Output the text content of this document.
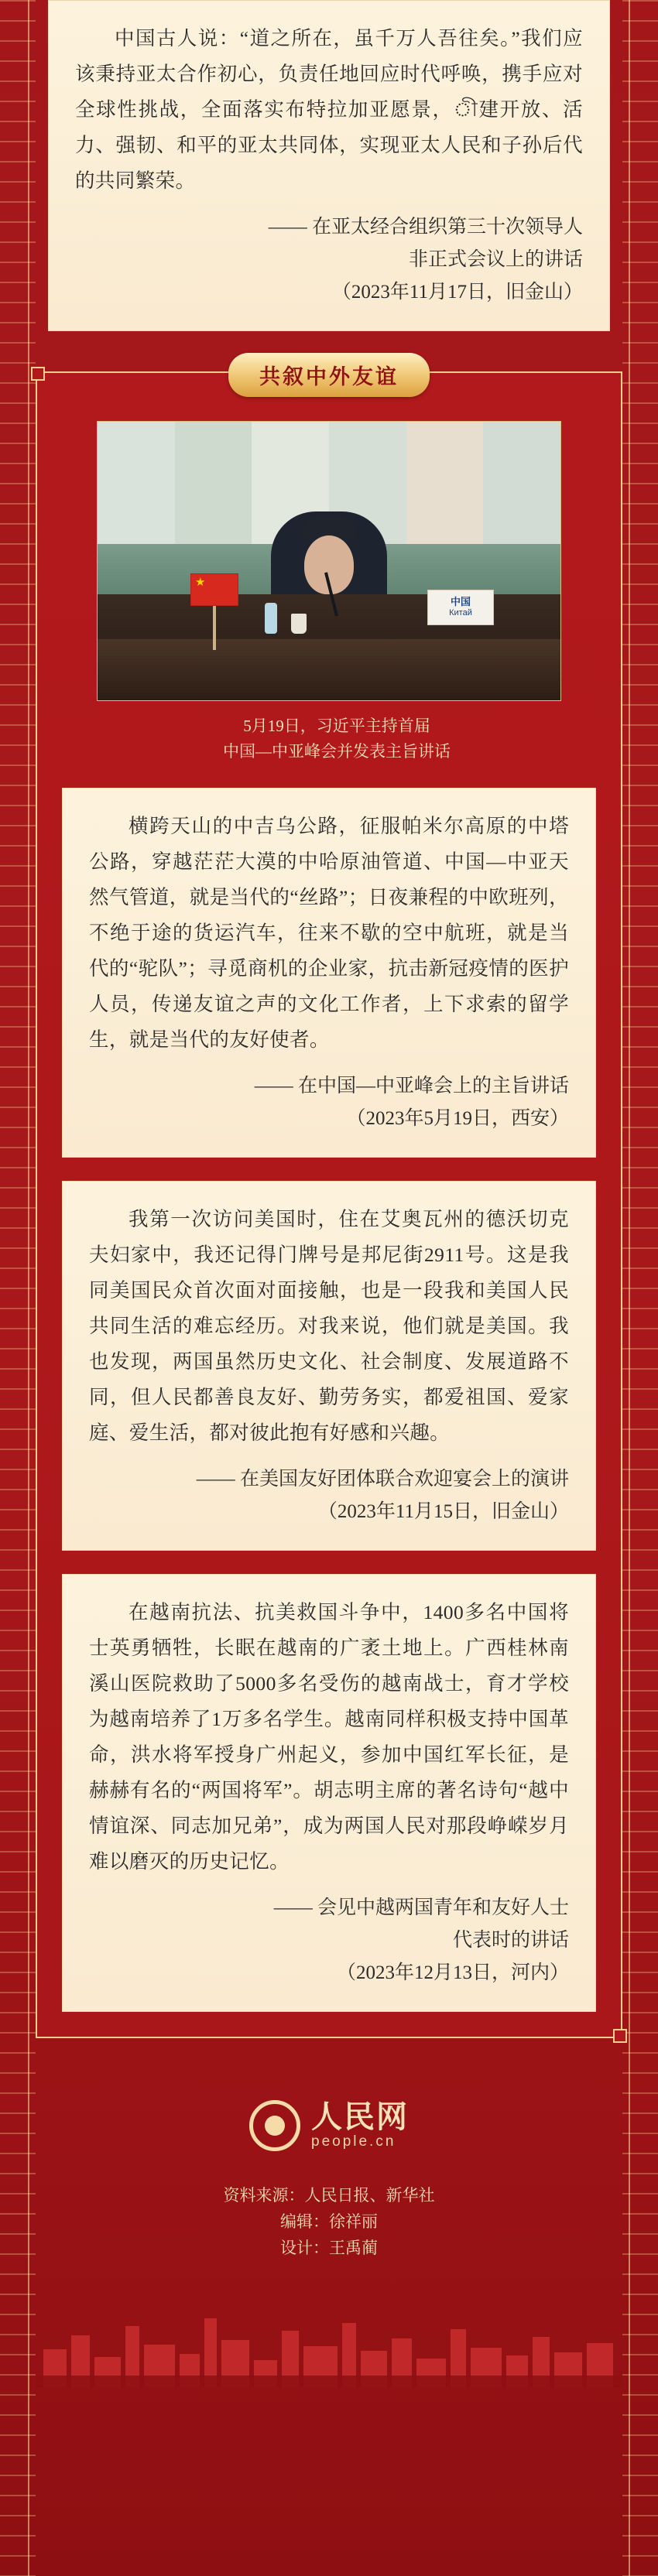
中国古人说：“道之所在，虽千万人吾往矣。”我们应该秉持亚太合作初心，负责任地回应时代呼唤，携手应对全球性挑战，全面落实布特拉加亚愿景，ী建开放、活力、强韧、和平的亚太共同体，实现亚太人民和子孙后代的共同繁荣。

—— 在亚太经合组织第三十次领导人
非正式会议上的讲话
（2023年11月17日，旧金山）
共叙中外友谊
★
中国
Китай
5月19日，习近平主持首届
中国—中亚峰会并发表主旨讲话

横跨天山的中吉乌公路，征服帕米尔高原的中塔公路，穿越茫茫大漠的中哈原油管道、中国—中亚天然气管道，就是当代的“丝路”；日夜兼程的中欧班列，不绝于途的货运汽车，往来不歇的空中航班，就是当代的“驼队”；寻觅商机的企业家，抗击新冠疫情的医护人员，传递友谊之声的文化工作者，上下求索的留学生，就是当代的友好使者。

—— 在中国—中亚峰会上的主旨讲话
（2023年5月19日，西安）

我第一次访问美国时，住在艾奥瓦州的德沃切克夫妇家中，我还记得门牌号是邦尼街2911号。这是我同美国民众首次面对面接触，也是一段我和美国人民共同生活的难忘经历。对我来说，他们就是美国。我也发现，两国虽然历史文化、社会制度、发展道路不同，但人民都善良友好、勤劳务实，都爱祖国、爱家庭、爱生活，都对彼此抱有好感和兴趣。

—— 在美国友好团体联合欢迎宴会上的演讲
（2023年11月15日，旧金山）

在越南抗法、抗美救国斗争中，1400多名中国将士英勇牺牲，长眠在越南的广袤土地上。广西桂林南溪山医院救助了5000多名受伤的越南战士，育才学校为越南培养了1万多名学生。越南同样积极支持中国革命，洪水将军授身广州起义，参加中国红军长征，是赫赫有名的“两国将军”。胡志明主席的著名诗句“越中情谊深、同志加兄弟”，成为两国人民对那段峥嵘岁月难以磨灭的历史记忆。

—— 会见中越两国青年和友好人士
代表时的讲话
（2023年12月13日，河内）
人民网
people.cn
资料来源：人民日报、新华社
编辑：徐祥丽
设计：王禹蔺
